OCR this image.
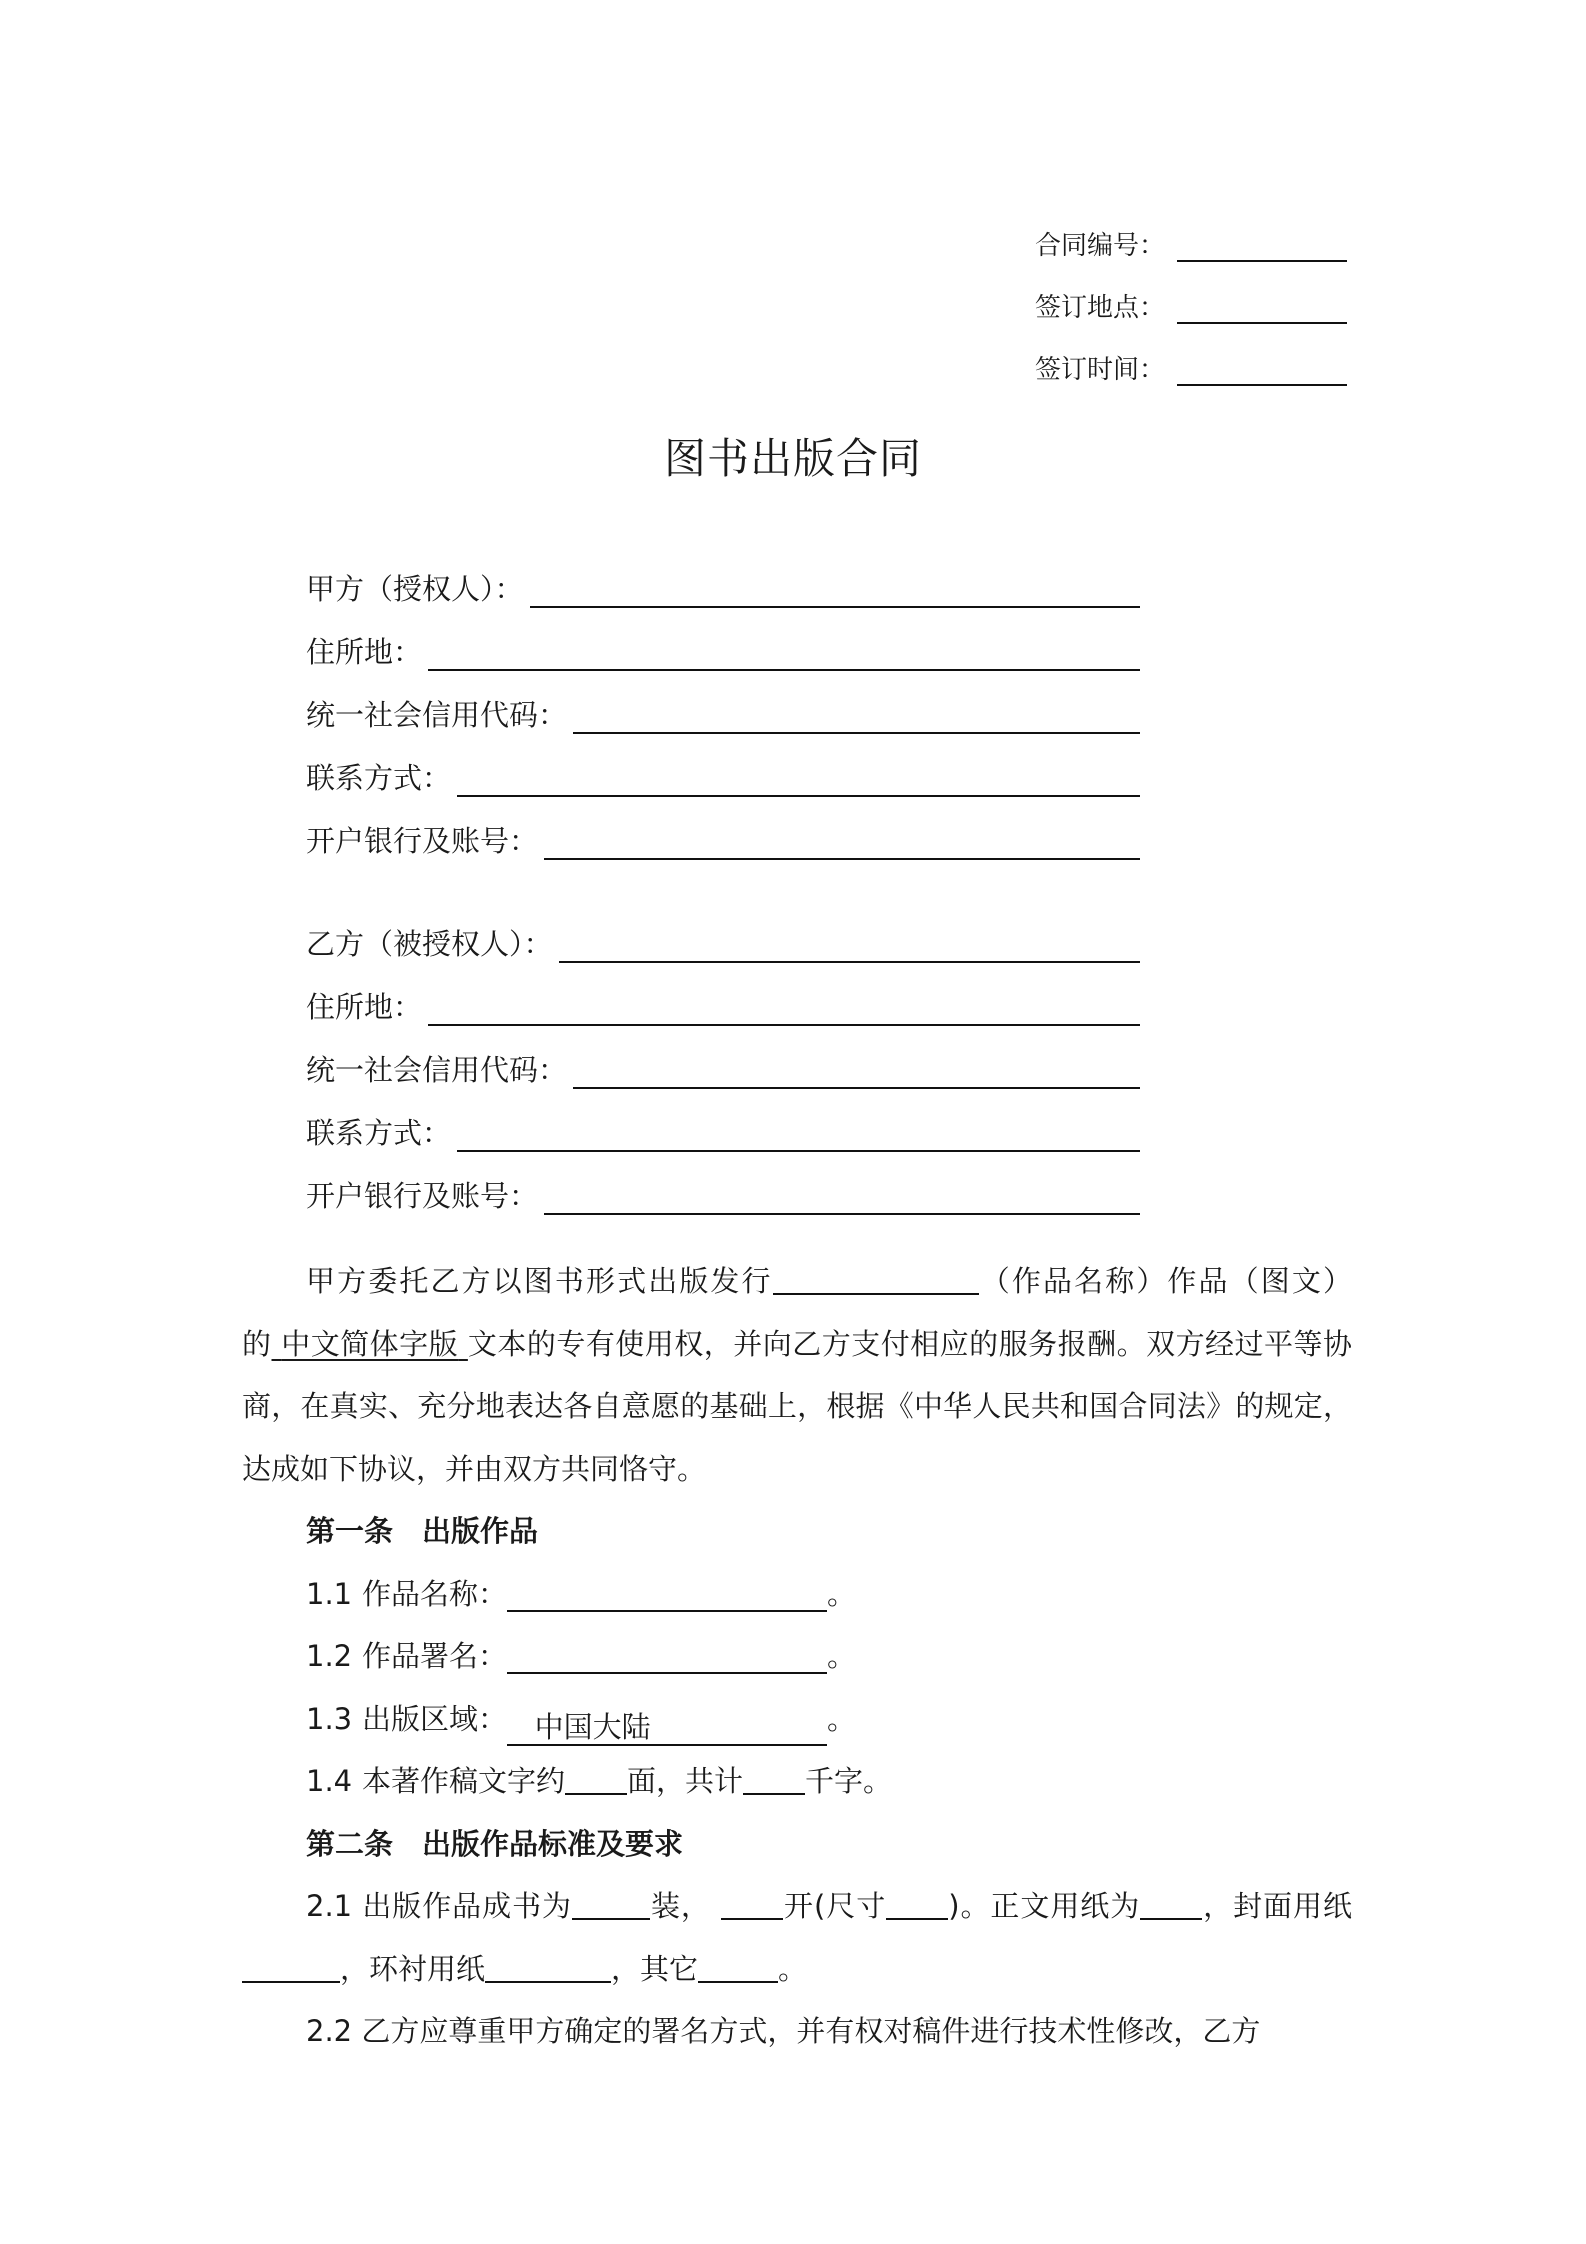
合同编号：
签订地点：
签订时间：
图书出版合同
甲方（授权人）：
住所地：
统一社会信用代码：
联系方式：
开户银行及账号：
乙方（被授权人）：
住所地：
统一社会信用代码：
联系方式：
开户银行及账号：

甲方委托乙方以图书形式出版发行	（作品名称）作品（图文）的 中文简体字版 文本的专有使用权，并向乙方支付相应的服务报酬。双方经过平等协商，在真实、充分地表达各自意愿的基础上，根据《中华人民共和国合同法》的规定，达成如下协议，并由双方共同恪守。

第一条　出版作品

1.1 作品名称：	。

1.2 作品署名：	。

1.3 出版区域： 中国大陆	。

1.4 本著作稿文字约 面，共计 千字。

第二条　出版作品标准及要求

2.1 出版作品成书为	装， 开(尺寸 )。正文用纸为 ，封面用纸，环衬用纸	，其它	。

2.2 乙方应尊重甲方确定的署名方式，并有权对稿件进行技术性修改，乙方
